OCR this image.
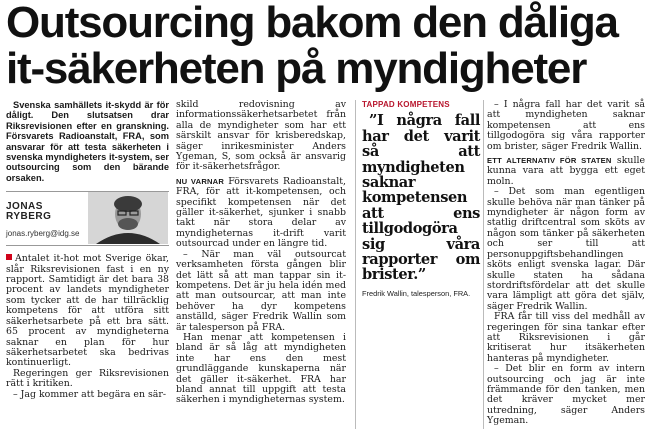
Outsourcing bakom den dåliga
it-säkerheten på myndigheter

Svenska samhällets it-skydd är för dåligt. Den slutsatsen drar Riksrevisionen efter en granskning. Försvarets Radioanstalt, FRA, som ansvarar för att testa säkerheten i svenska myndigheters it-system, ser outsourcing som den bärande orsaken.

JONAS
RYBERG
jonas.ryberg@idg.se

Antalet it-hot mot Sverige ökar, slår Riksrevisionen fast i en ny rapport. Samtidigt är det bara 38 procent av landets myndigheter som tycker att de har tillräcklig kompetens för att utföra sitt säkerhetsarbete på ett bra sätt. 65 procent av myndigheterna saknar en plan för hur säkerhetsarbetet ska bedrivas kontinuerligt.

Regeringen ger Riksrevisionen rätt i kritiken.

– Jag kommer att begära en sär-

skild redovisning av informationssäkerhetsarbetet från alla de myndigheter som har ett särskilt ansvar för krisberedskap, säger inrikesminister Anders Ygeman, S, som också är ansvarig för it-säkerhetsfrågor.

NU VARNAR Försvarets Radioanstalt, FRA, för att it-kompetensen, och specifikt kompetensen när det gäller it-säkerhet, sjunker i snabb takt när stora delar av myndigheternas it-drift varit outsourcad under en längre tid.

– När man väl outsourcat verksamheten första gången blir det lätt så att man tappar sin it-kompetens. Det är ju hela idén med att man outsourcar, att man inte behöver ha dyr kompetens anställd, säger Fredrik Wallin som är talesperson på FRA.

Han menar att kompetensen i bland är så låg att myndigheten inte har ens den mest grundläggande kunskaperna när det gäller it-säkerhet. FRA har bland annat till uppgift att testa säkerhen i myndigheternas system.

TAPPAD KOMPETENS

”I några fall har det varit så att myndigheten saknar kompetensen att ens tillgodogöra sig våra rapporter om brister.”

Fredrik Wallin, talesperson, FRA.

– I några fall har det varit så att myndigheten saknar kompetensen att ens tillgodogöra sig våra rapporter om brister, säger Fredrik Wallin.

ETT ALTERNATIV FÖR STATEN skulle kunna vara att bygga ett eget moln.

– Det som man egentligen skulle behöva när man tänker på myndigheter är någon form av statlig driftcentral som sköts av någon som tänker på säkerheten och ser till att personuppgiftsbehandlingen sköts enligt svenska lagar. Där skulle staten ha sådana stordriftsfördelar att det skulle vara lämpligt att göra det själv, säger Fredrik Wallin.

FRA får till viss del medhåll av regeringen för sina tankar efter att Riksrevisionen i går kritiserat hur itsäkerheten hanteras på myndigheter.

– Det blir en form av intern outsourcing och jag är inte främmande för den tanken, men det kräver mycket mer utredning, säger Anders Ygeman.
